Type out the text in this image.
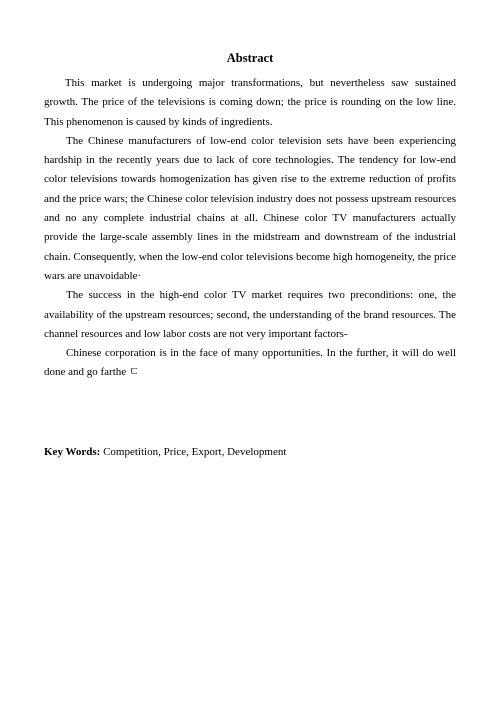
Abstract

This market is undergoing major transformations, but nevertheless saw sustained growth. The price of the televisions is coming down; the price is rounding on the low line. This phenomenon is caused by kinds of ingredients.

The Chinese manufacturers of low-end color television sets have been experiencing hardship in the recently years due to lack of core technologies. The tendency for low-end color televisions towards homogenization has given rise to the extreme reduction of profits and the price wars; the Chinese color television industry does not possess upstream resources and no any complete industrial chains at all. Chinese color TV manufacturers actually provide the large-scale assembly lines in the midstream and downstream of the industrial chain. Consequently, when the low-end color televisions become high homogeneity, the price wars are unavoidable·

The success in the high-end color TV market requires two preconditions: one, the availability of the upstream resources; second, the understanding of the brand resources. The channel resources and low labor costs are not very important factors-

Chinese corporation is in the face of many opportunities. In the further, it will do well done and go farthe ㄷ

Key Words: Competition, Price, Export, Development
